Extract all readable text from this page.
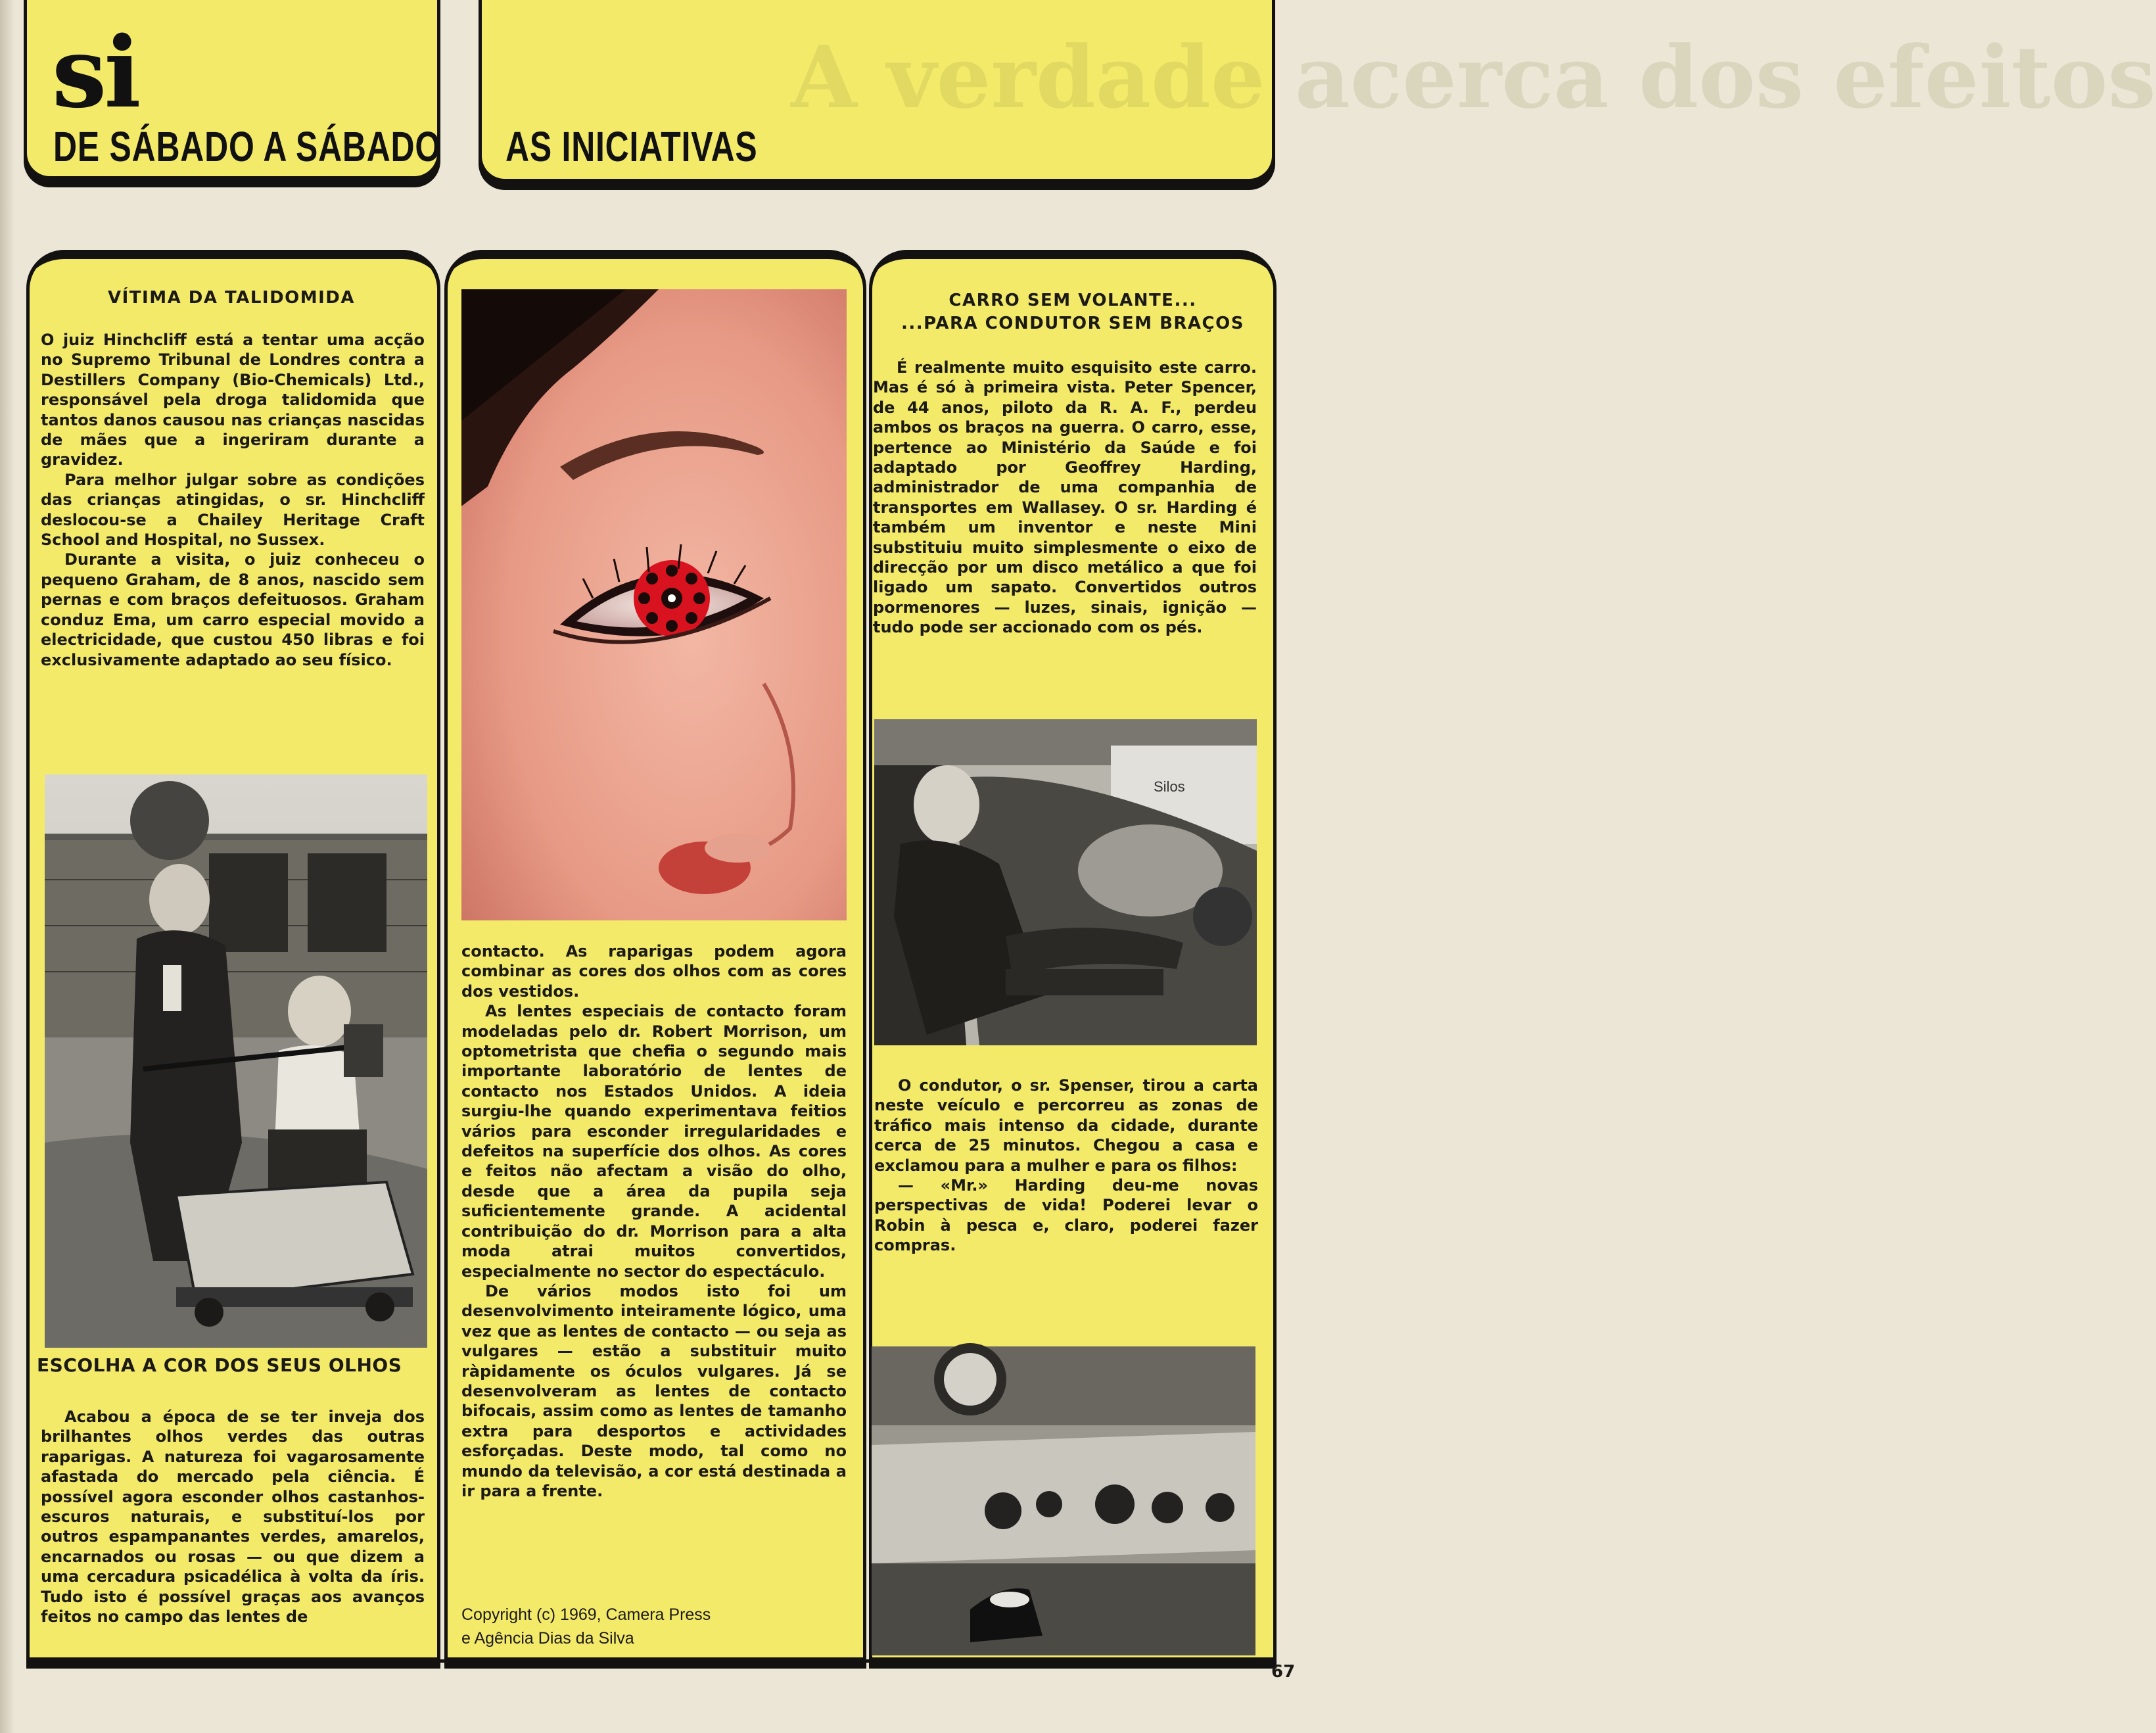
si
DE SÁBADO A SÁBADO
A verdade acerca dos efeitos
AS INICIATIVAS
VÍTIMA DA TALIDOMIDA

O juiz Hinchcliff está a tentar uma acção no Supremo Tribunal de Londres contra a Destillers Company (Bio-Chemicals) Ltd., responsável pela droga talidomida que tantos danos causou nas crianças nascidas de mães que a ingeriram durante a gravidez.

Para melhor julgar sobre as condições das crianças atingidas, o sr. Hinchcliff deslocou-se a Chailey Heritage Craft School and Hospital, no Sussex.

Durante a visita, o juiz conheceu o pequeno Graham, de 8 anos, nascido sem pernas e com braços defeituosos. Graham conduz Ema, um carro especial movido a electricidade, que custou 450 libras e foi exclusivamente adaptado ao seu físico.

ESCOLHA A COR DOS SEUS OLHOS

Acabou a época de se ter inveja dos brilhantes olhos verdes das outras raparigas. A natureza foi vagarosamente afastada do mercado pela ciência. É possível agora esconder olhos castanhos-escuros naturais, e substituí-los por outros espampanantes verdes, amarelos, encarnados ou rosas — ou que dizem a uma cercadura psicadélica à volta da íris. Tudo isto é possível graças aos avanços feitos no campo das lentes de

contacto. As raparigas podem agora combinar as cores dos olhos com as cores dos vestidos.

As lentes especiais de contacto foram modeladas pelo dr. Robert Morrison, um optometrista que chefia o segundo mais importante laboratório de lentes de contacto nos Estados Unidos. A ideia surgiu-lhe quando experimentava feitios vários para esconder irregularidades e defeitos na superfície dos olhos. As cores e feitos não afectam a visão do olho, desde que a área da pupila seja suficientemente grande. A acidental contribuição do dr. Morrison para a alta moda atrai muitos convertidos, especialmente no sector do espectáculo.

De vários modos isto foi um desenvolvimento inteiramente lógico, uma vez que as lentes de contacto — ou seja as vulgares — estão a substituir muito ràpidamente os óculos vulgares. Já se desenvolveram as lentes de contacto bifocais, assim como as lentes de tamanho extra para desportos e actividades esforçadas. Deste modo, tal como no mundo da televisão, a cor está destinada a ir para a frente.

Copyright (c) 1969, Camera Press
e Agência Dias da Silva
CARRO SEM VOLANTE...
...PARA CONDUTOR SEM BRAÇOS

É realmente muito esquisito este carro. Mas é só à primeira vista. Peter Spencer, de 44 anos, piloto da R. A. F., perdeu ambos os braços na guerra. O carro, esse, pertence ao Ministério da Saúde e foi adaptado por Geoffrey Harding, administrador de uma companhia de transportes em Wallasey. O sr. Harding é também um inventor e neste Mini substituiu muito simplesmente o eixo de direcção por um disco metálico a que foi ligado um sapato. Convertidos outros pormenores — luzes, sinais, ignição — tudo pode ser accionado com os pés.

Silos

O condutor, o sr. Spenser, tirou a carta neste veículo e percorreu as zonas de tráfico mais intenso da cidade, durante cerca de 25 minutos. Chegou a casa e exclamou para a mulher e para os filhos:

— «Mr.» Harding deu-me novas perspectivas de vida! Poderei levar o Robin à pesca e, claro, poderei fazer compras.

67
